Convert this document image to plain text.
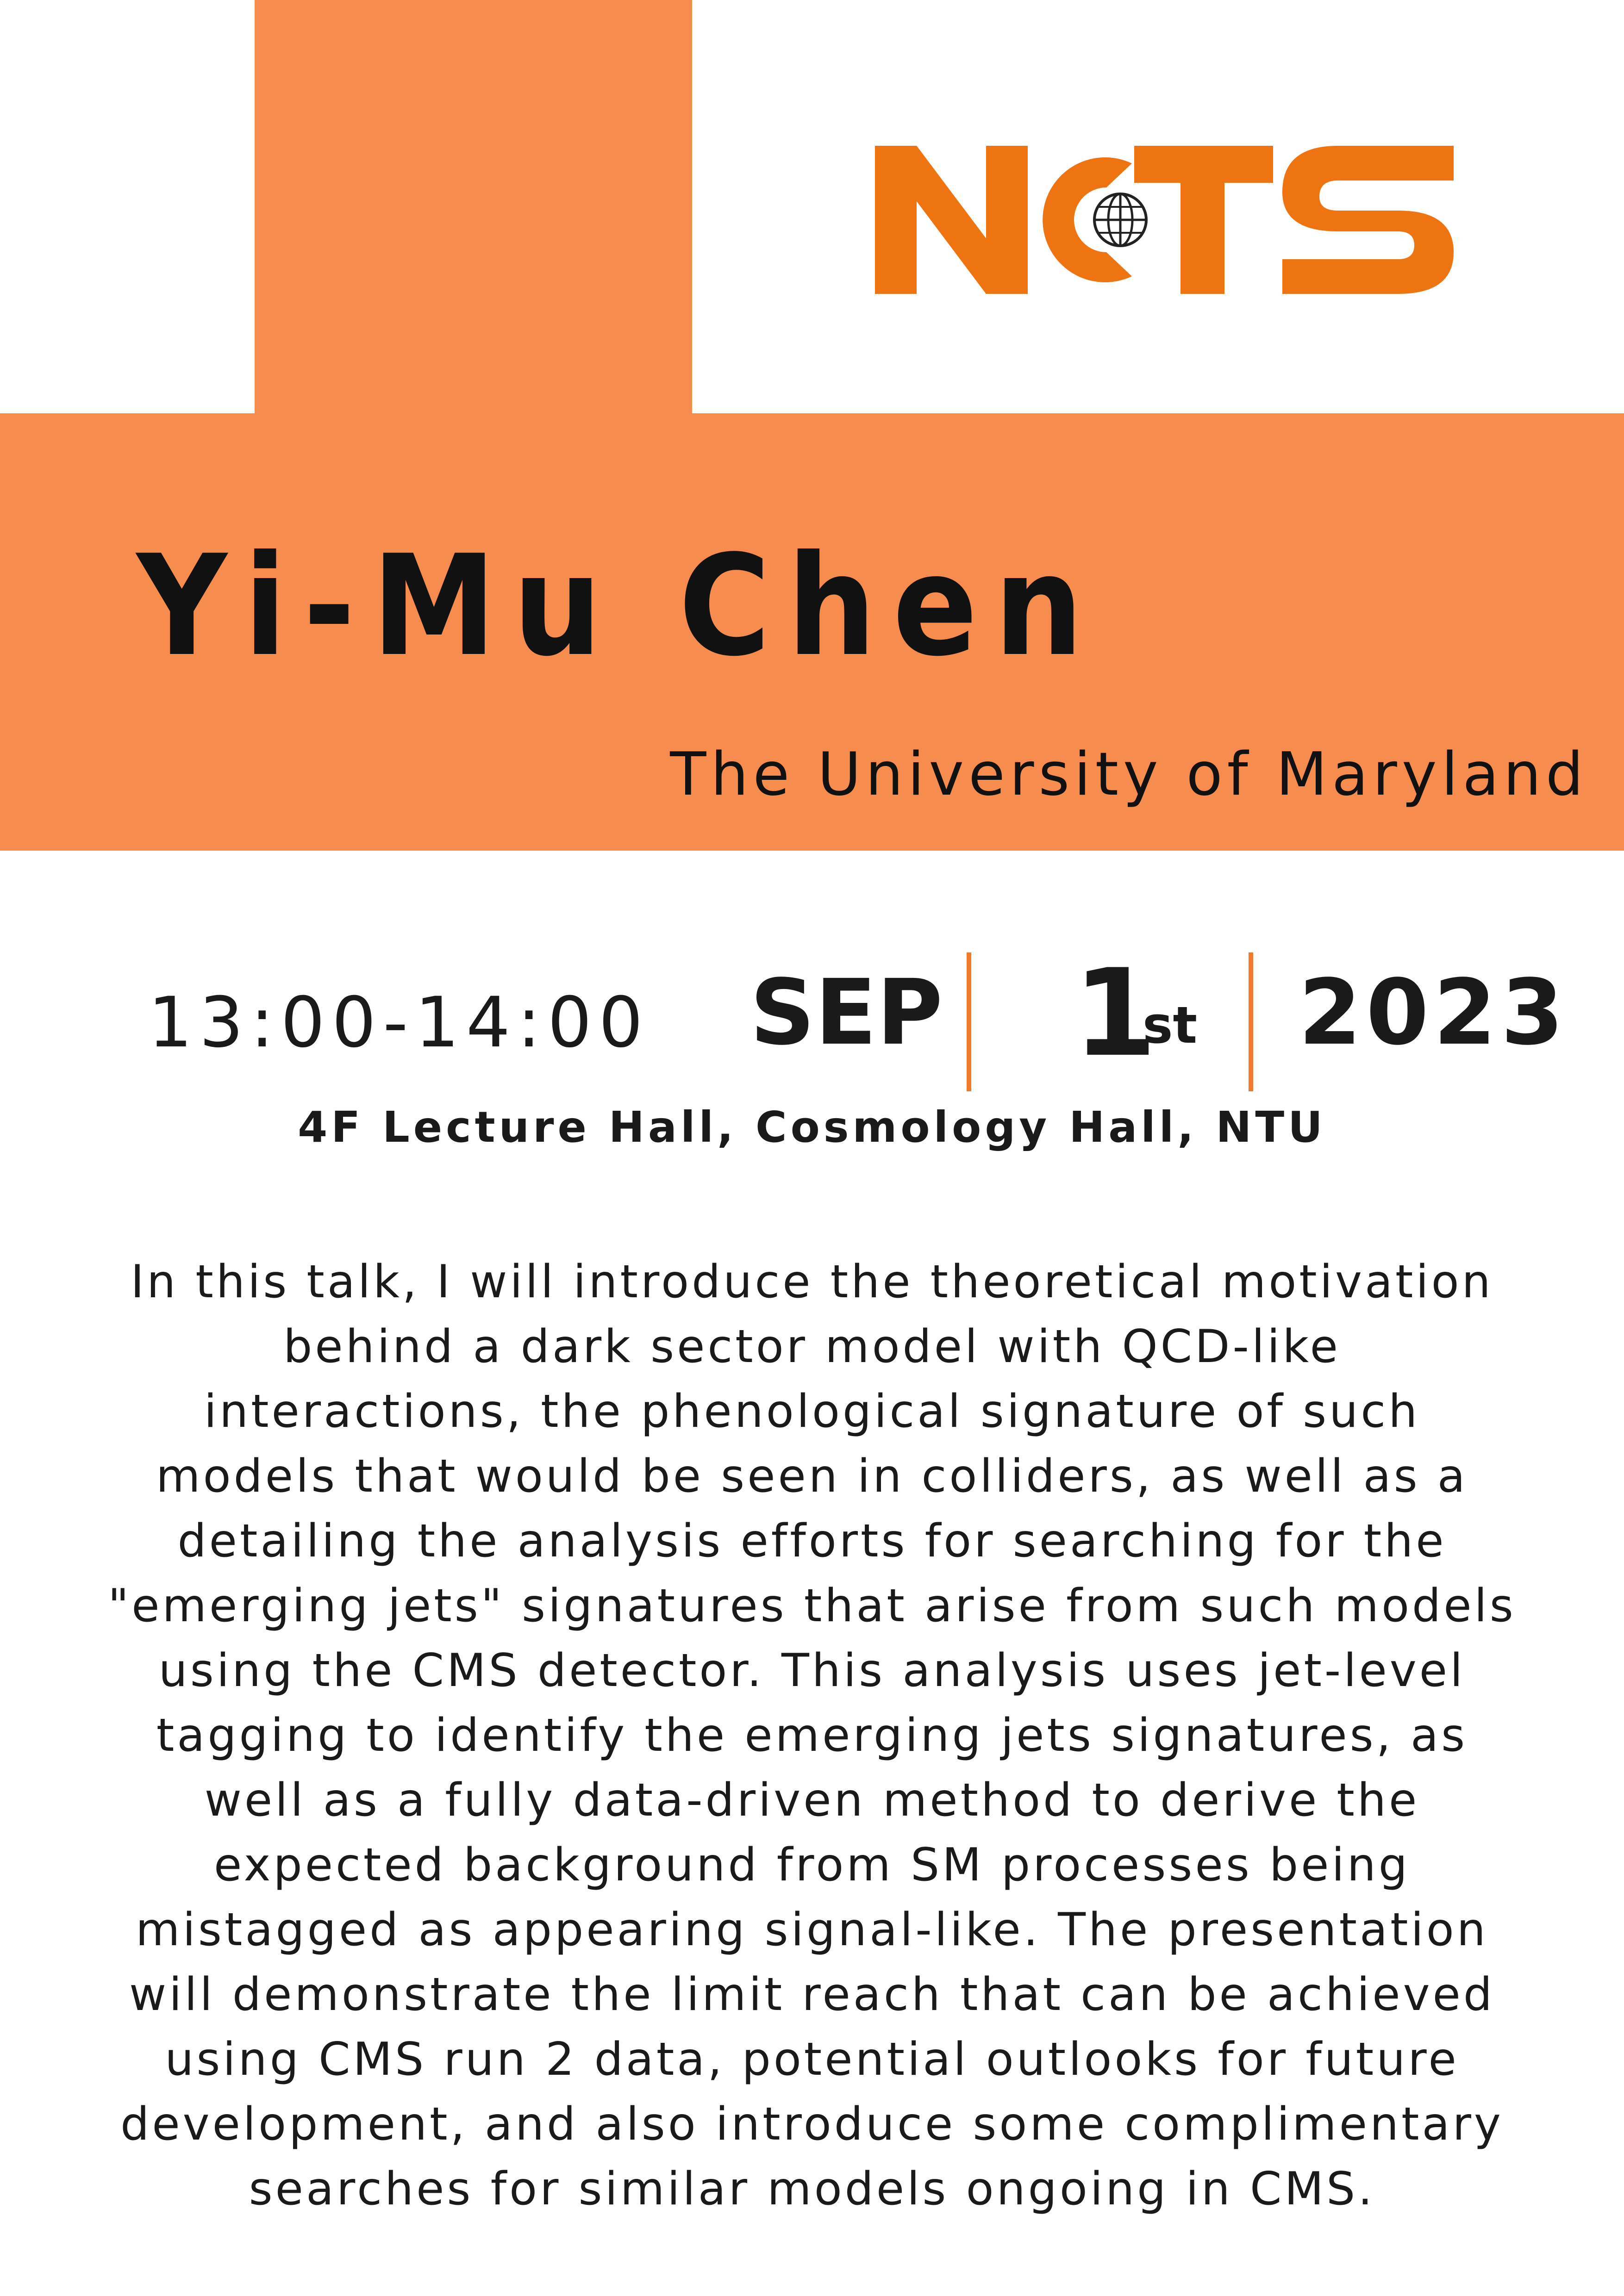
Yi-Mu Chen

The University of Maryland

13:00-14:00 SEP 1
st 2023
4F Lecture Hall, Cosmology Hall, NTU

In this talk, I will introduce the theoretical motivation
behind a dark sector model with QCD-like
interactions, the phenological signature of such
models that would be seen in colliders, as well as a
detailing the analysis efforts for searching for the
"emerging jets" signatures that arise from such models
using the CMS detector. This analysis uses jet-level
tagging to identify the emerging jets signatures, as
well as a fully data-driven method to derive the
expected background from SM processes being
mistagged as appearing signal-like. The presentation
will demonstrate the limit reach that can be achieved
using CMS run 2 data, potential outlooks for future
development, and also introduce some complimentary
searches for similar models ongoing in CMS.
